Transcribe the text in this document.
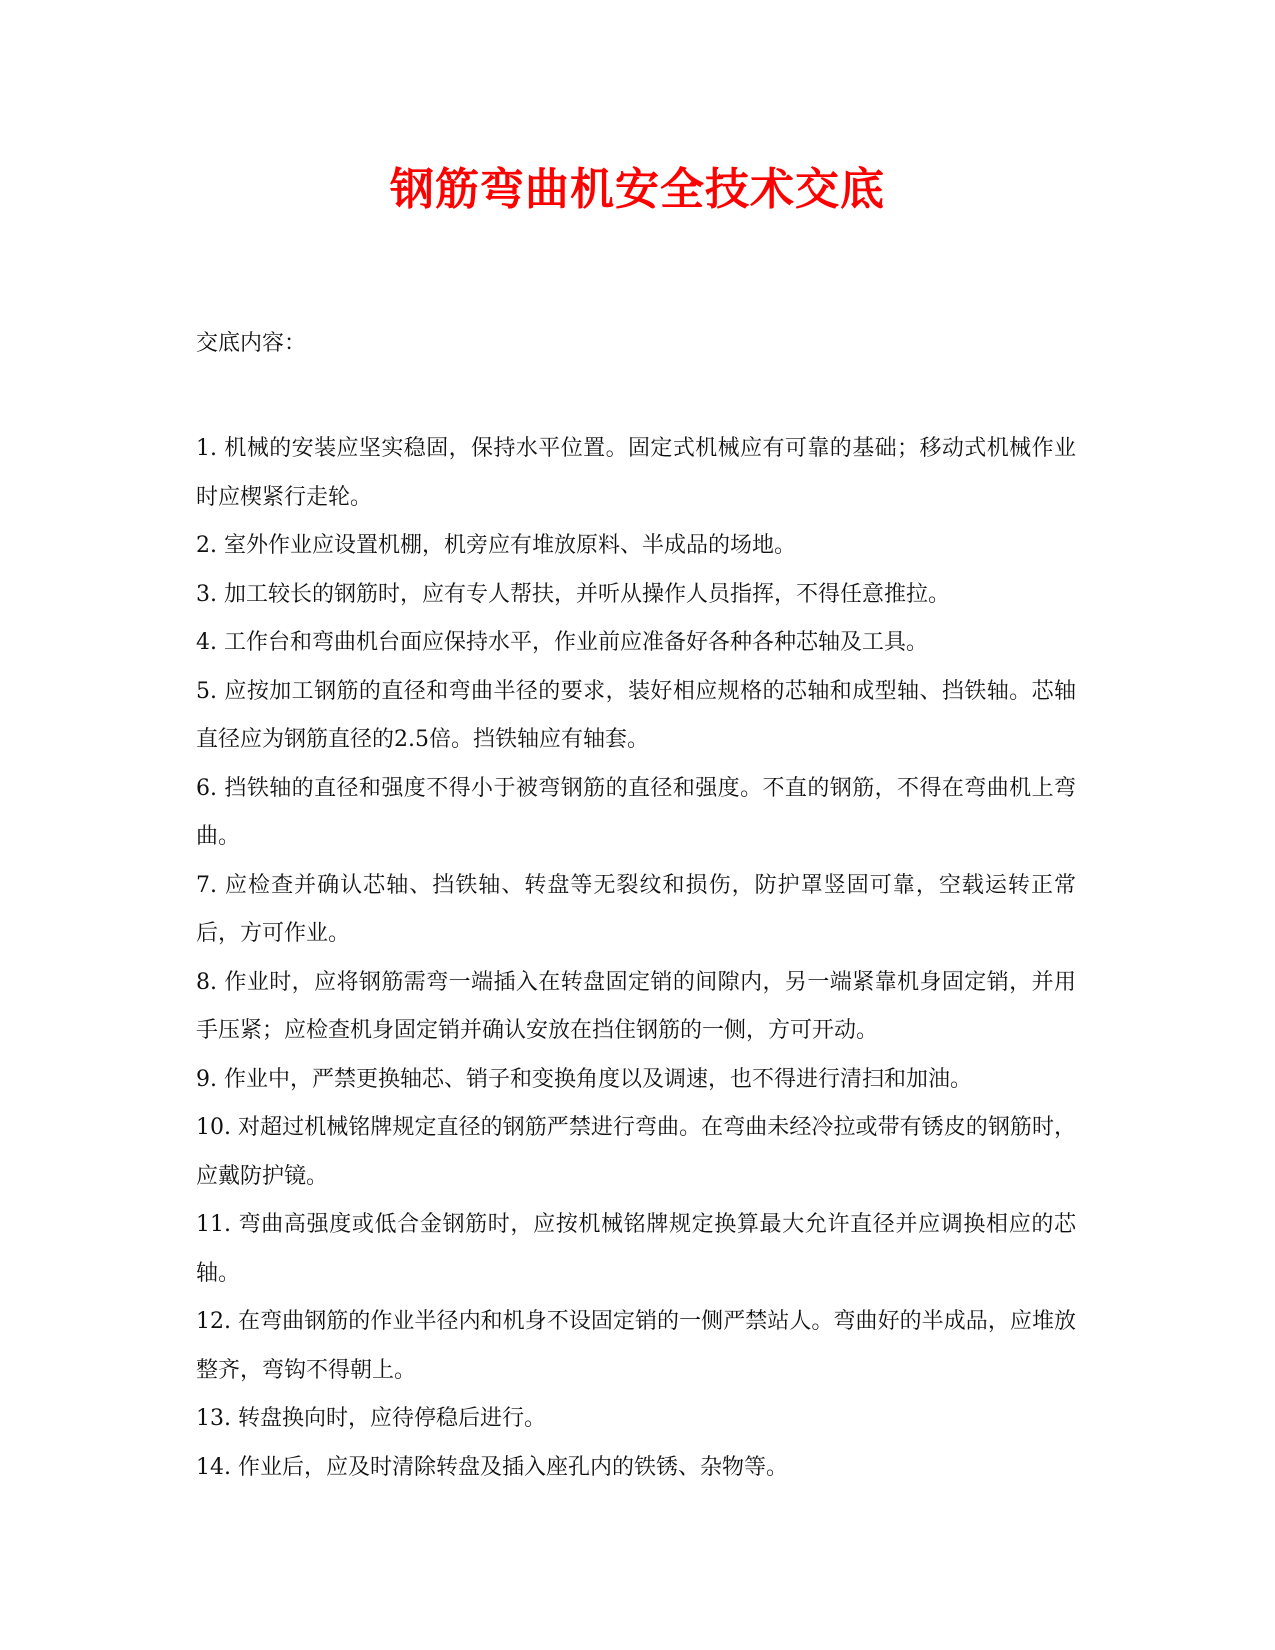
钢筋弯曲机安全技术交底
交底内容：

1. 机械的安装应坚实稳固，保持水平位置。固定式机械应有可靠的基础；移动式机械作业时应楔紧行走轮。

2. 室外作业应设置机棚，机旁应有堆放原料、半成品的场地。

3. 加工较长的钢筋时，应有专人帮扶，并听从操作人员指挥，不得任意推拉。

4. 工作台和弯曲机台面应保持水平，作业前应准备好各种各种芯轴及工具。

5. 应按加工钢筋的直径和弯曲半径的要求，装好相应规格的芯轴和成型轴、挡铁轴。芯轴直径应为钢筋直径的2.5倍。挡铁轴应有轴套。

6. 挡铁轴的直径和强度不得小于被弯钢筋的直径和强度。不直的钢筋，不得在弯曲机上弯曲。

7. 应检查并确认芯轴、挡铁轴、转盘等无裂纹和损伤，防护罩竖固可靠，空载运转正常后，方可作业。

8. 作业时，应将钢筋需弯一端插入在转盘固定销的间隙内，另一端紧靠机身固定销，并用手压紧；应检查机身固定销并确认安放在挡住钢筋的一侧，方可开动。

9. 作业中，严禁更换轴芯、销子和变换角度以及调速，也不得进行清扫和加油。

10. 对超过机械铭牌规定直径的钢筋严禁进行弯曲。在弯曲未经冷拉或带有锈皮的钢筋时，应戴防护镜。

11. 弯曲高强度或低合金钢筋时，应按机械铭牌规定换算最大允许直径并应调换相应的芯轴。

12. 在弯曲钢筋的作业半径内和机身不设固定销的一侧严禁站人。弯曲好的半成品，应堆放整齐，弯钩不得朝上。

13. 转盘换向时，应待停稳后进行。

14. 作业后，应及时清除转盘及插入座孔内的铁锈、杂物等。
